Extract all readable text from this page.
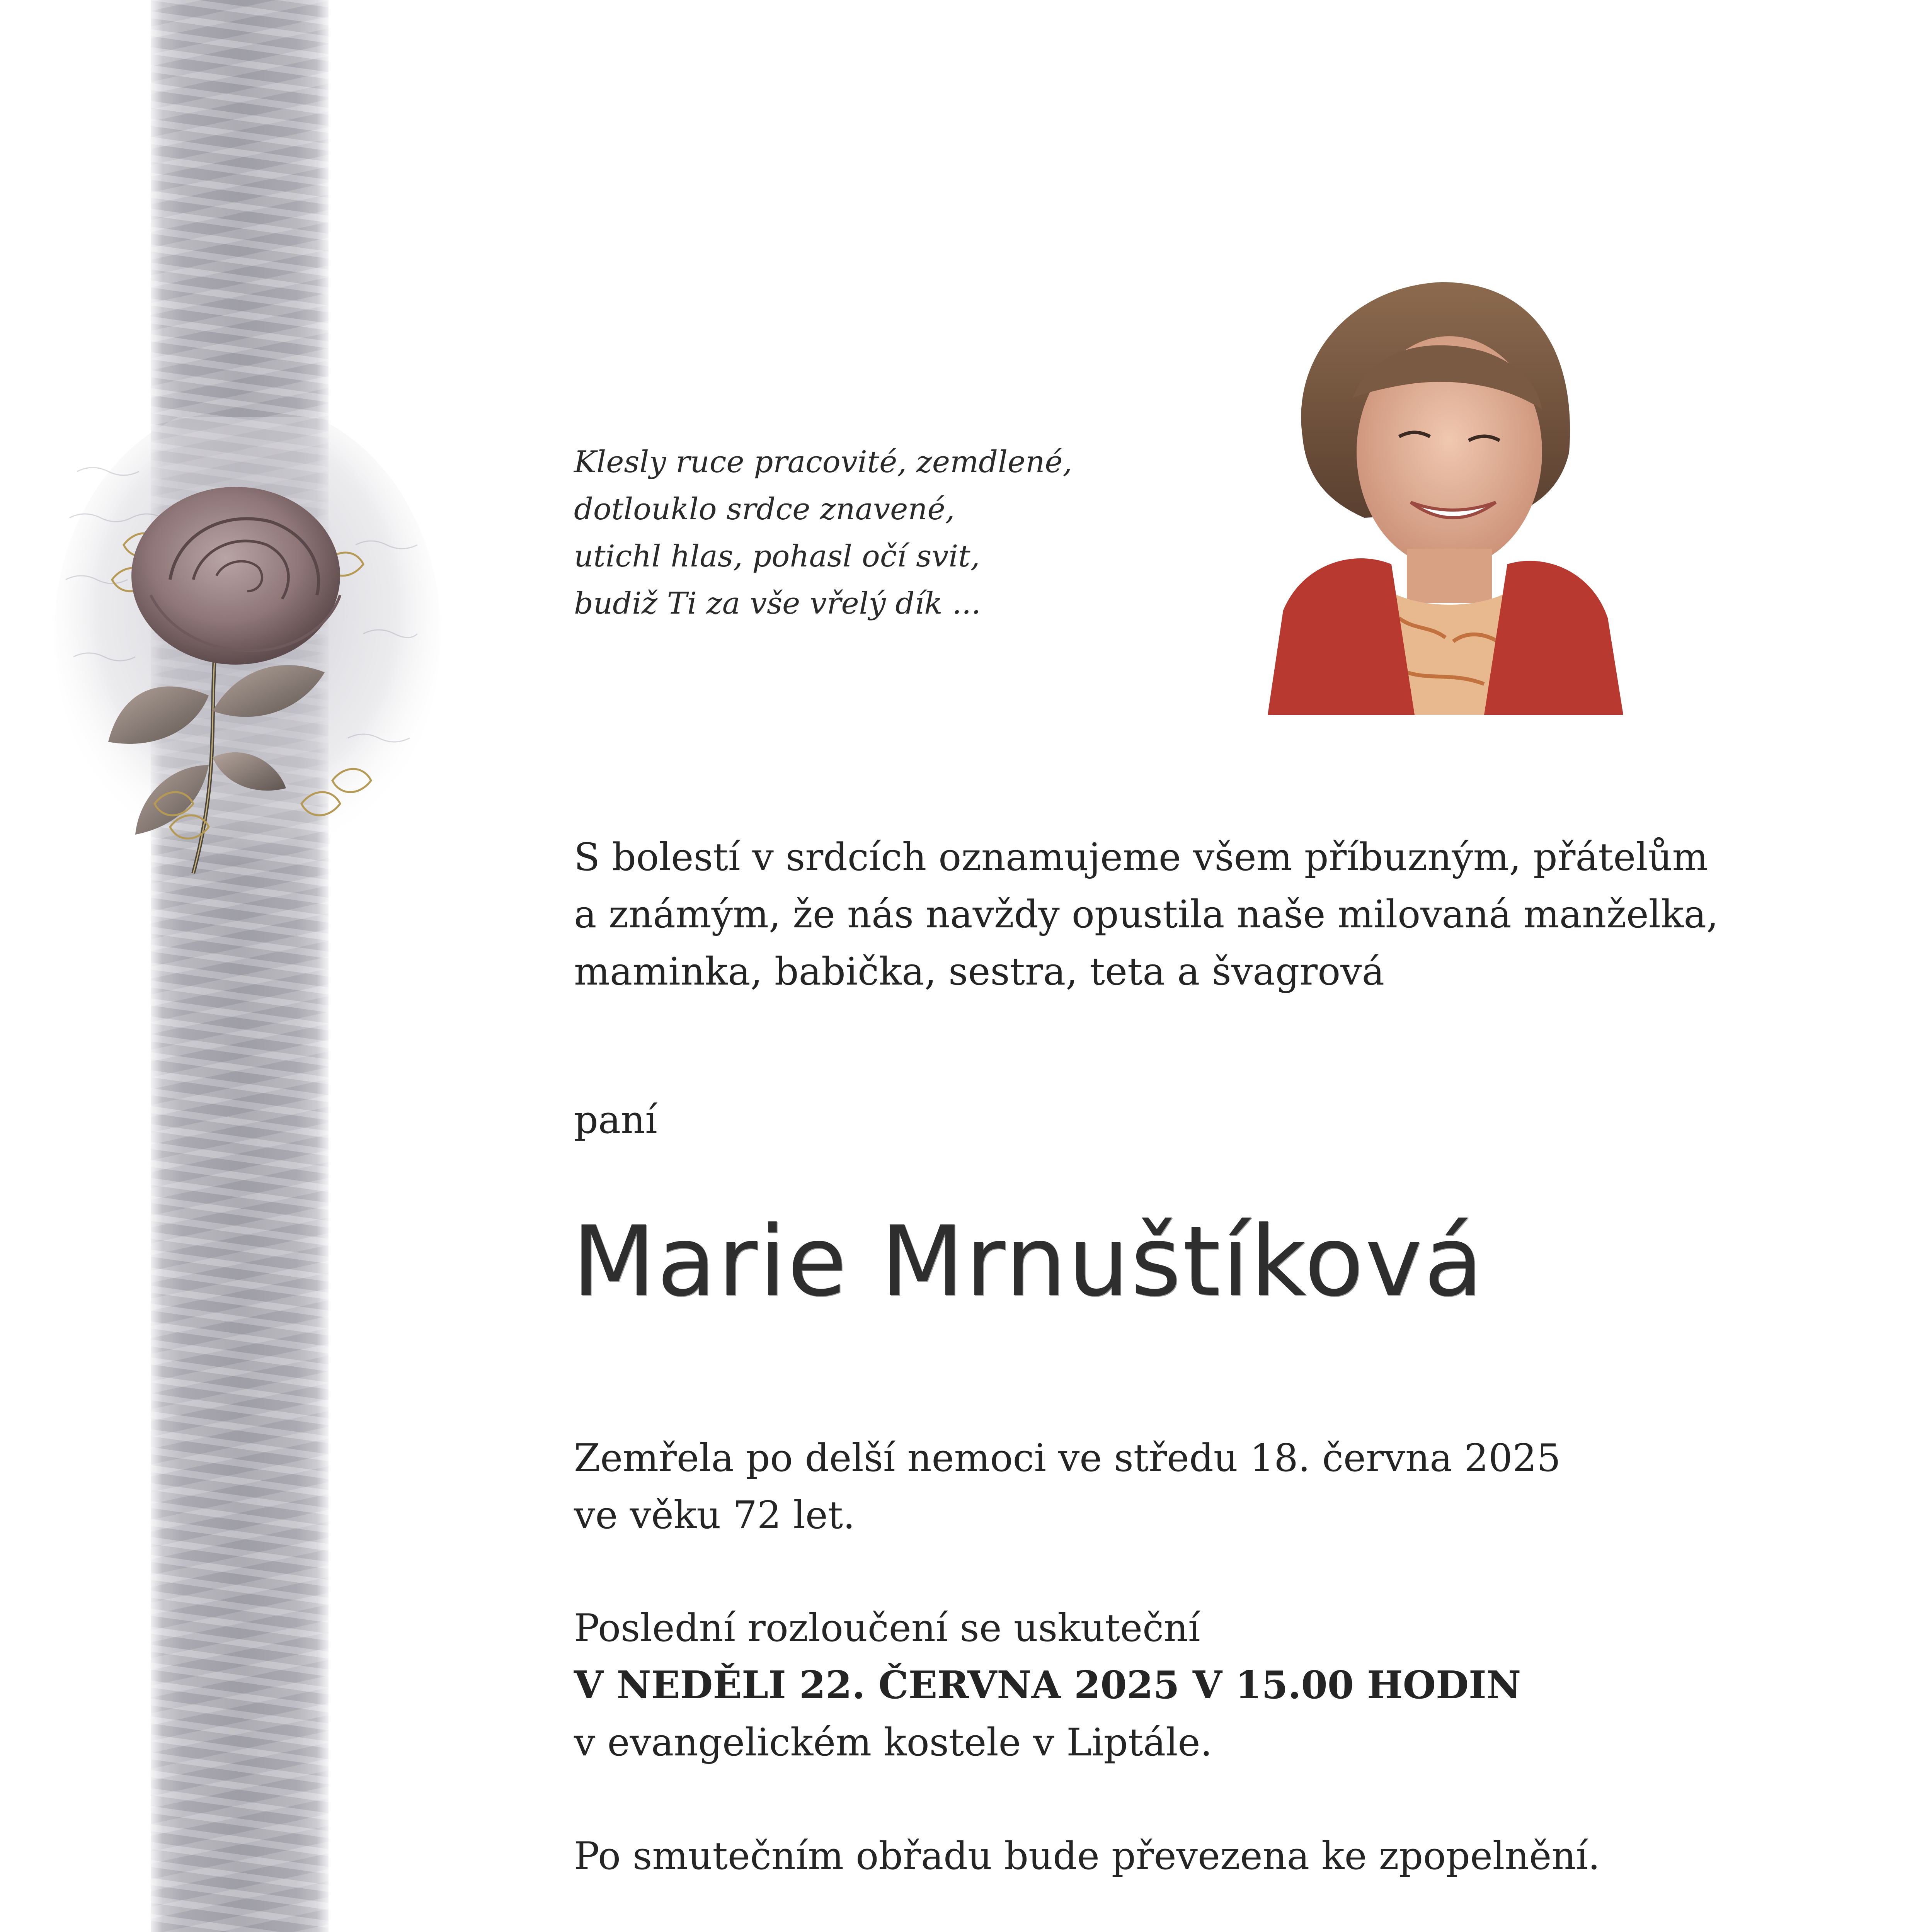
Klesly ruce pracovité, zemdlené,
dotlouklo srdce znavené,
utichl hlas, pohasl očí svit,
budiž Ti za vše vřelý dík ...
S bolestí v srdcích oznamujeme všem příbuzným, přátelům
a známým, že nás navždy opustila naše milovaná manželka,
maminka, babička, sestra, teta a švagrová
paní
Marie Mrnuštíková
Zemřela po delší nemoci ve středu 18. června 2025
ve věku 72 let.
Poslední rozloučení se uskuteční
V NEDĚLI 22. ČERVNA 2025 V 15.00 HODIN
v evangelickém kostele v Liptále.
Po smutečním obřadu bude převezena ke zpopelnění.
